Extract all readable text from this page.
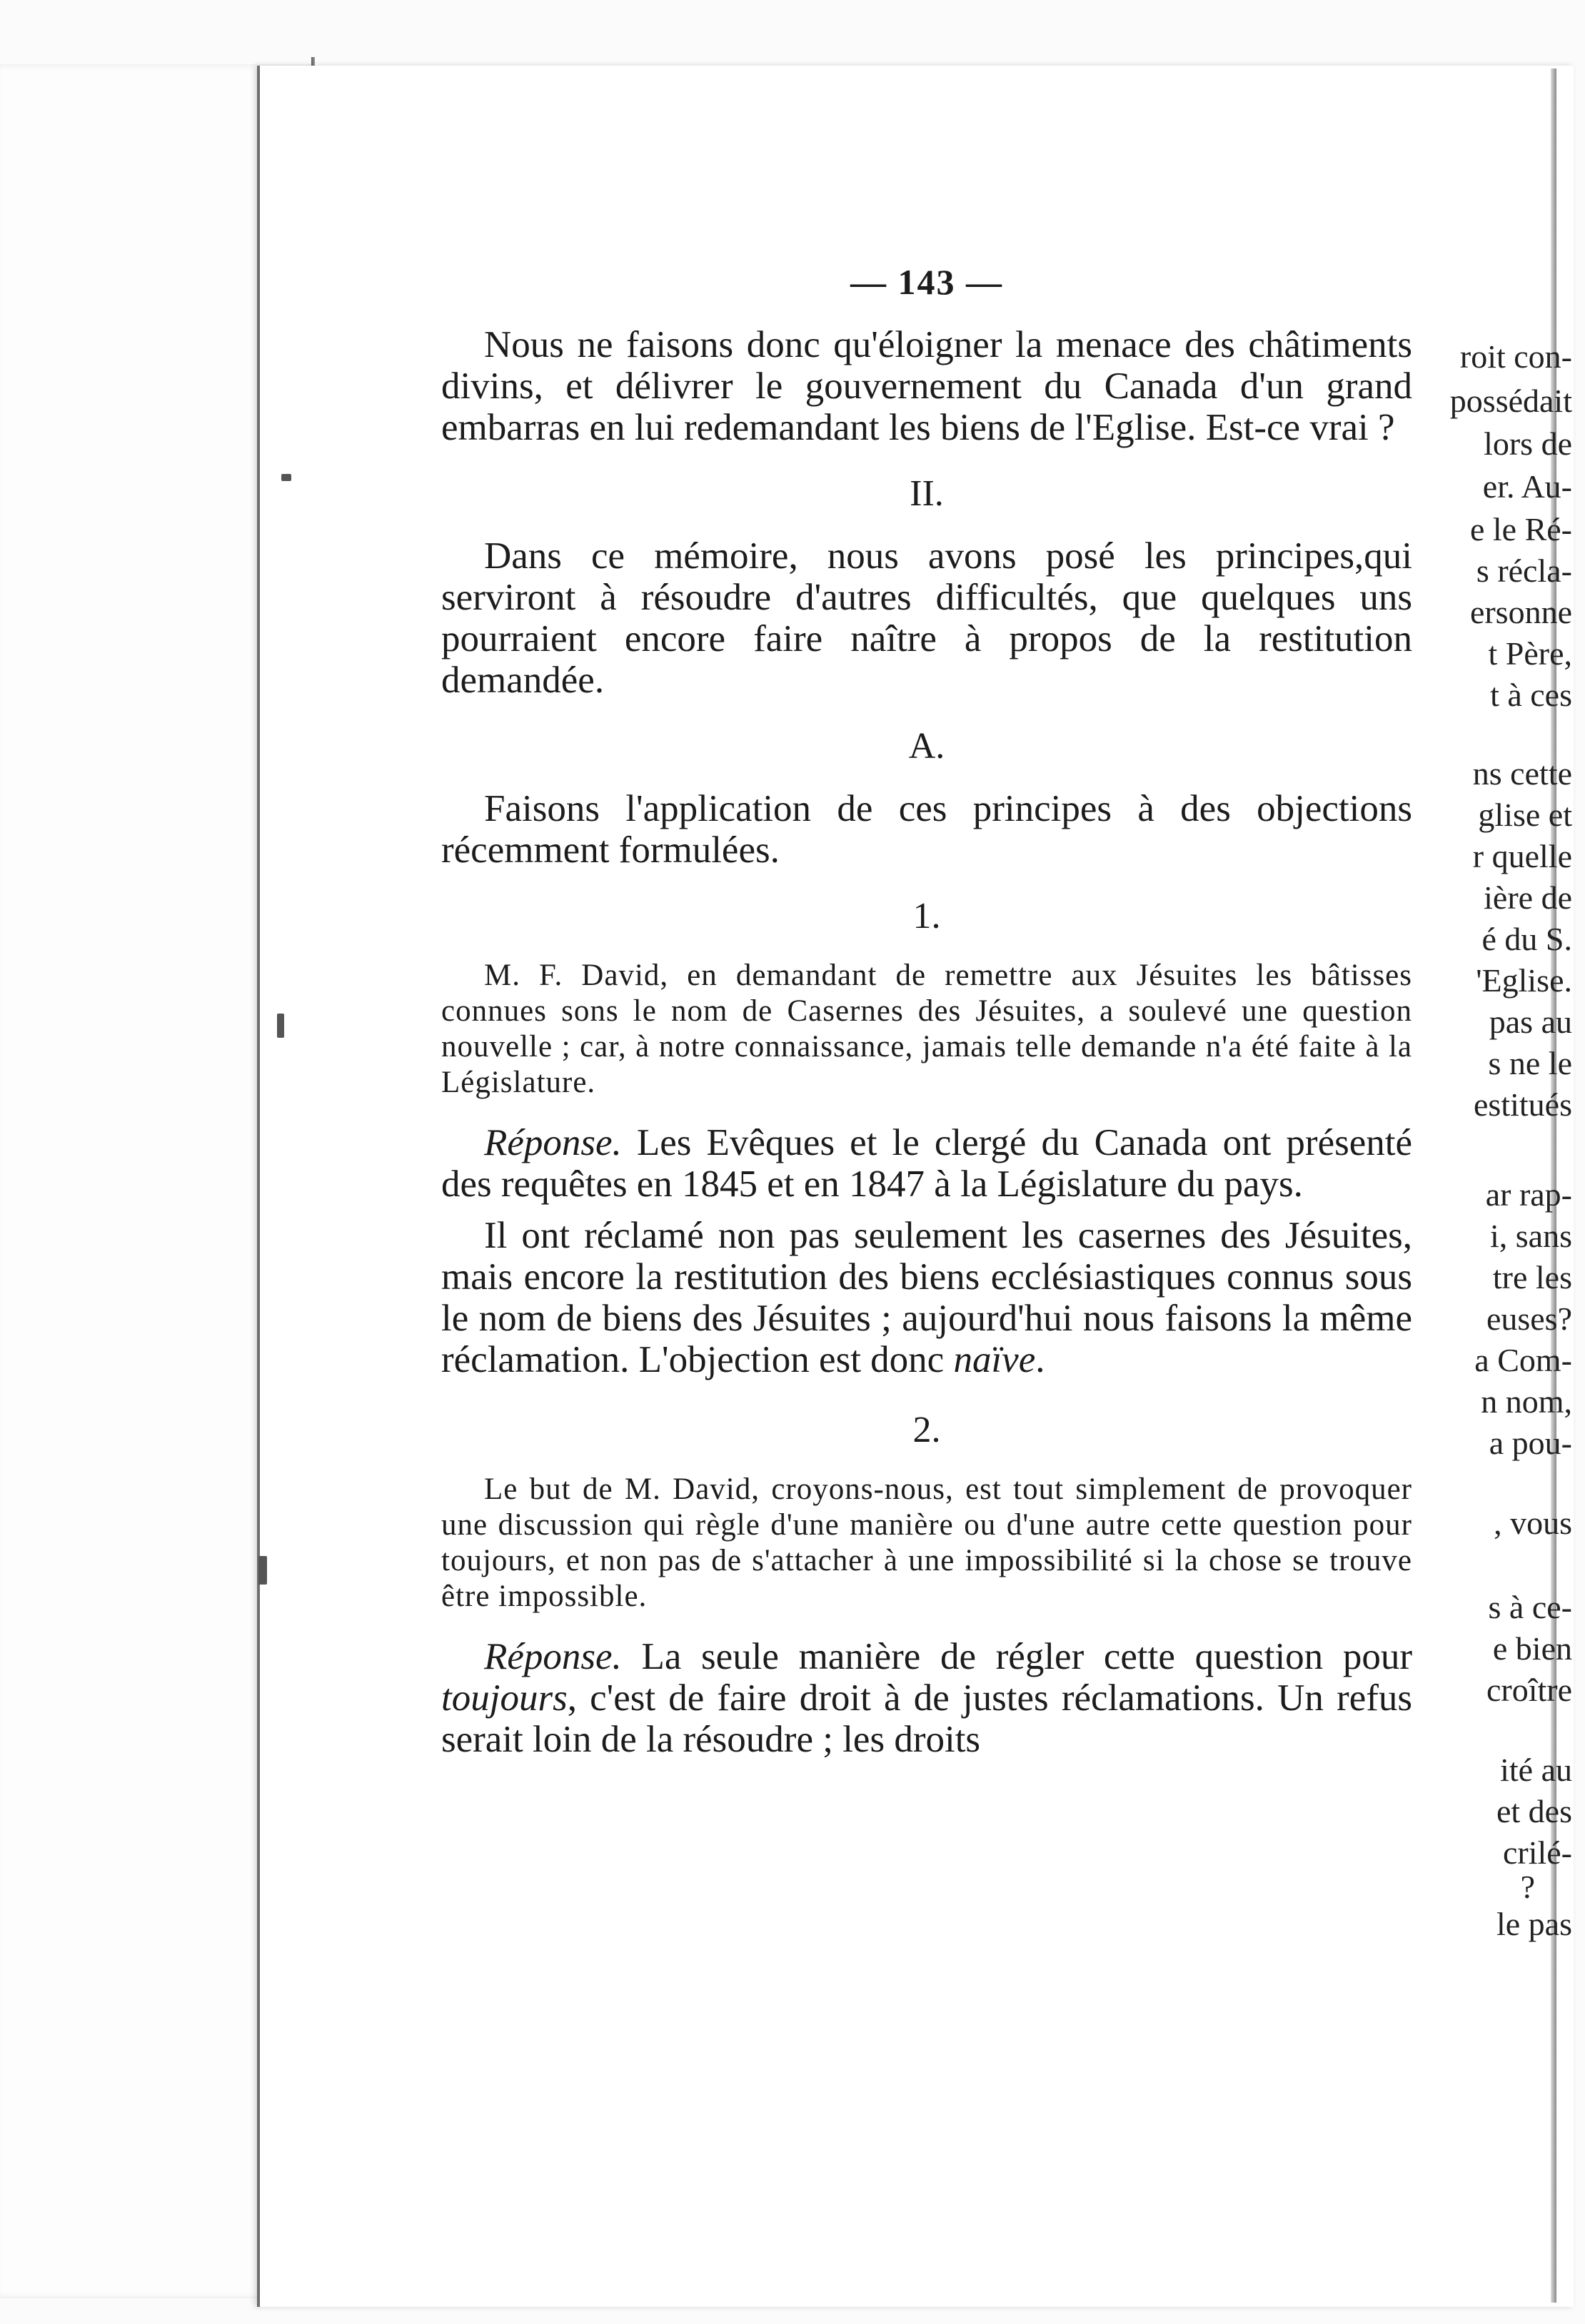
roit con-
possédait
lors de
er. Au-
e le Ré-
s récla-
ersonne
t Père,
t à ces
ns cette
glise et
r quelle
ière de
é du S.
'Eglise.
pas au
s ne le
estitués
ar rap-
i, sans
tre les
euses?
a Com-
n nom,
a pou-
, vous
s à ce-
e bien
croître
ité au
et des
crilé-
?
le pas
— 143 —

Nous ne faisons donc qu'éloigner la menace des châtiments divins, et délivrer le gouvernement du Canada d'un grand embarras en lui redemandant les biens de l'Eglise. Est-ce vrai ?

II.

Dans ce mémoire, nous avons posé les principes,qui serviront à résoudre d'autres difficultés, que quelques uns pourraient encore faire naître à propos de la restitution demandée.

A.

Faisons l'application de ces principes à des objections récemment formulées.

1.

M. F. David, en demandant de remettre aux Jésuites les bâtisses connues sons le nom de Casernes des Jésuites, a soulevé une question nouvelle ; car, à notre connaissance, jamais telle demande n'a été faite à la Législature.

Réponse. Les Evêques et le clergé du Canada ont présenté des requêtes en 1845 et en 1847 à la Législature du pays.

Il ont réclamé non pas seulement les casernes des Jésuites, mais encore la restitution des biens ecclésiastiques connus sous le nom de biens des Jésuites ; aujourd'hui nous faisons la même réclamation. L'objection est donc naïve.

2.

Le but de M. David, croyons-nous, est tout simplement de provoquer une discussion qui règle d'une manière ou d'une autre cette question pour toujours, et non pas de s'attacher à une impossibilité si la chose se trouve être impossible.

Réponse. La seule manière de régler cette question pour toujours, c'est de faire droit à de justes réclamations. Un refus serait loin de la résoudre ; les droits
